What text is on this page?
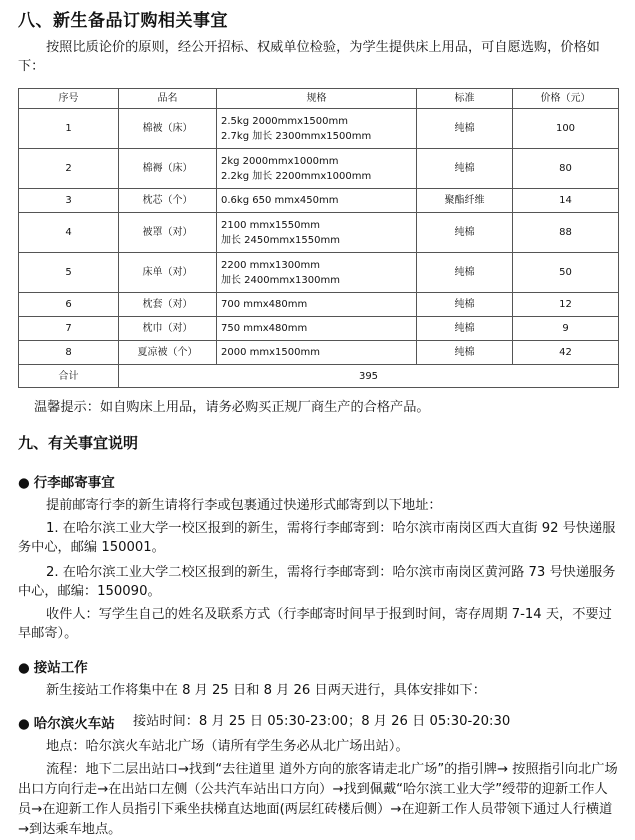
八、新生备品订购相关事宜
按照比质论价的原则，经公开招标、权威单位检验，为学生提供床上用品，可自愿选购，价格如下：
序号	品名	规格	标准	价格（元）
1	棉被（床）	2.5kg 2000mmx1500mm
2.7kg 加长 2300mmx1500mm	纯棉	100
2	棉褥（床）	2kg 2000mmx1000mm
2.2kg 加长 2200mmx1000mm	纯棉	80
3	枕芯（个）	0.6kg 650 mmx450mm	聚酯纤维	14
4	被罩（对）	2100 mmx1550mm
加长 2450mmx1550mm	纯棉	88
5	床单（对）	2200 mmx1300mm
加长 2400mmx1300mm	纯棉	50
6	枕套（对）	700 mmx480mm	纯棉	12
7	枕巾（对）	750 mmx480mm	纯棉	9
8	夏凉被（个）	2000 mmx1500mm	纯棉	42
合计	395			
温馨提示：如自购床上用品，请务必购买正规厂商生产的合格产品。
九、有关事宜说明
● 行李邮寄事宜
提前邮寄行李的新生请将行李或包裹通过快递形式邮寄到以下地址：
1. 在哈尔滨工业大学一校区报到的新生，需将行李邮寄到：哈尔滨市南岗区西大直街 92 号快递服务中心，邮编 150001。
2. 在哈尔滨工业大学二校区报到的新生，需将行李邮寄到：哈尔滨市南岗区黄河路 73 号快递服务中心，邮编：150090。
收件人：写学生自己的姓名及联系方式（行李邮寄时间早于报到时间，寄存周期 7-14 天，不要过早邮寄）。
● 接站工作
新生接站工作将集中在 8 月 25 日和 8 月 26 日两天进行，具体安排如下：
● 哈尔滨火车站 接站时间：8 月 25 日 05:30-23:00；8 月 26 日 05:30-20:30
地点：哈尔滨火车站北广场（请所有学生务必从北广场出站）。
流程：地下二层出站口→找到“去往道里 道外方向的旅客请走北广场”的指引牌→ 按照指引向北广场出口方向行走→在出站口左侧（公共汽车站出口方向）→找到佩戴“哈尔滨工业大学”绶带的迎新工作人员→在迎新工作人员指引下乘坐扶梯直达地面(两层红砖楼后侧）→在迎新工作人员带领下通过人行横道→到达乘车地点。
